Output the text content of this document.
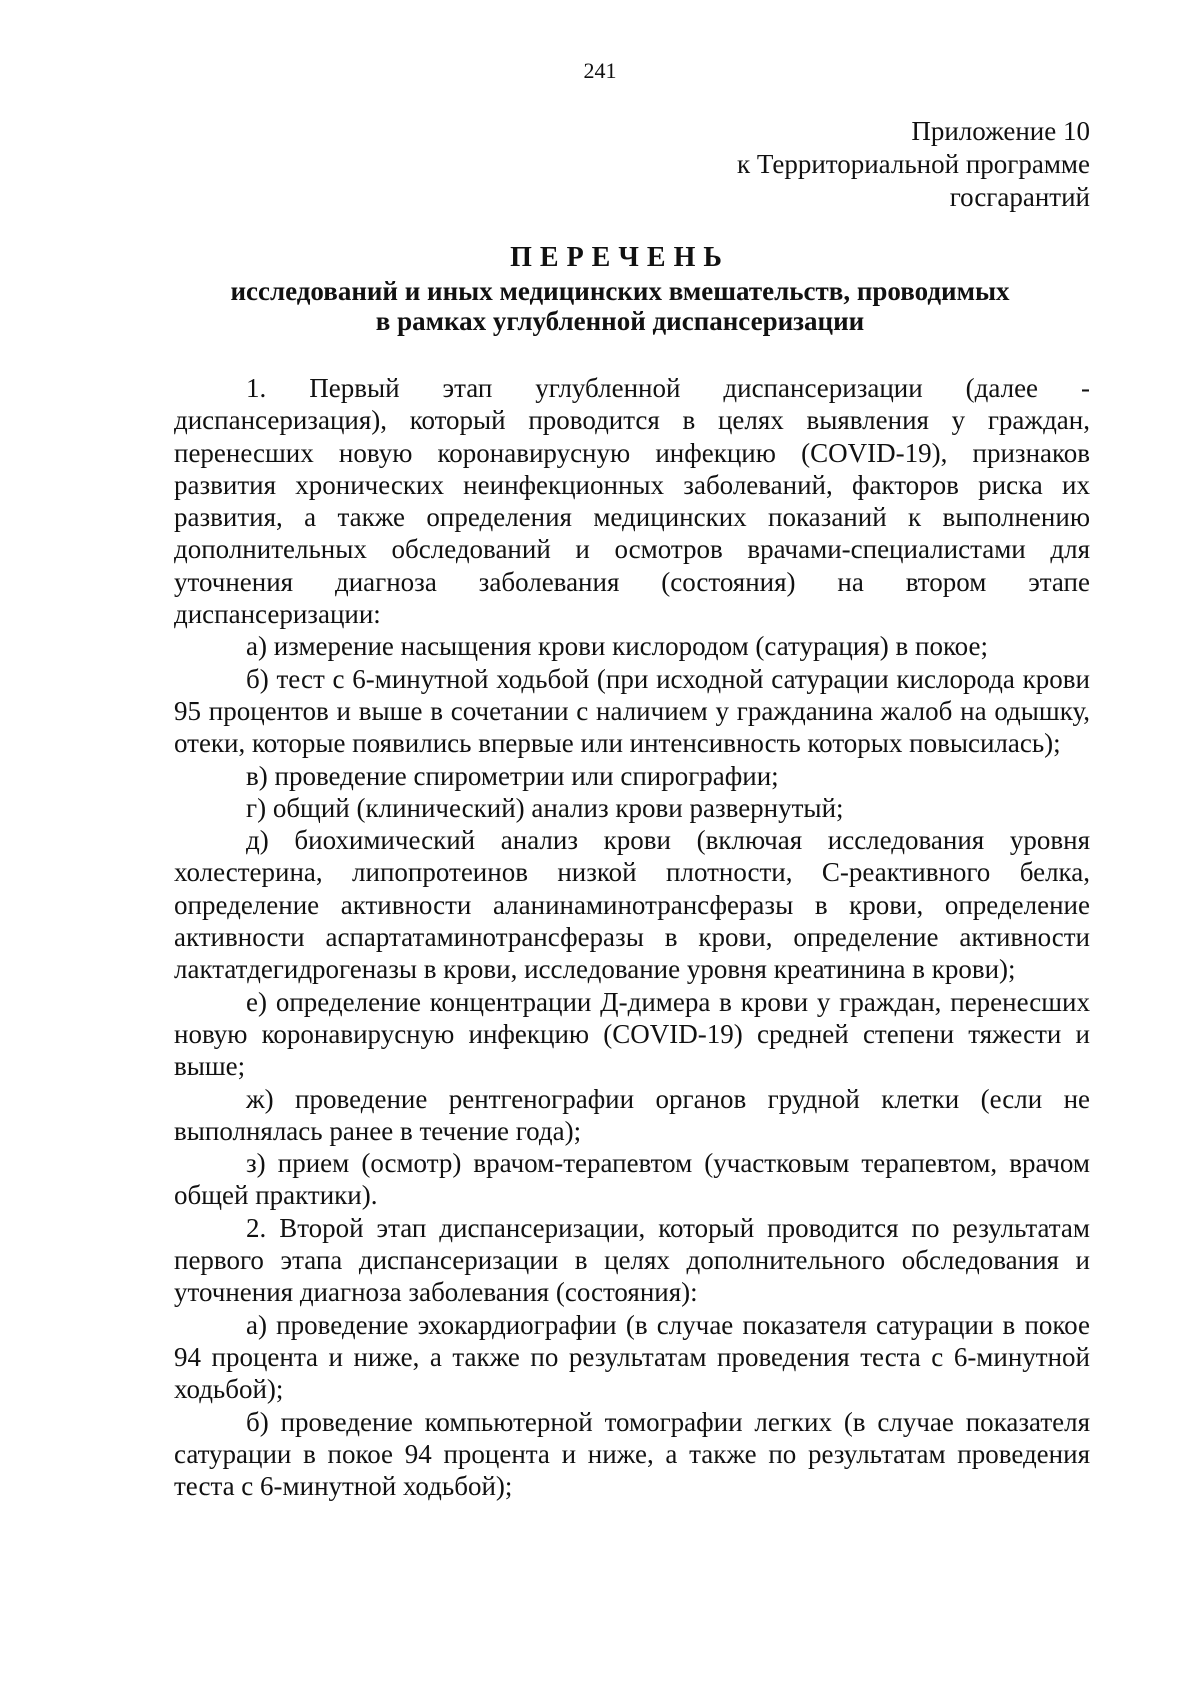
241
Приложение 10
к Территориальной программе
госгарантий
ПЕРЕЧЕНЬ
исследований и иных медицинских вмешательств, проводимых
в рамках углубленной диспансеризации

1. Первый этап углубленной диспансеризации (далее - диспансеризация), который проводится в целях выявления у граждан, перенесших новую коронавирусную инфекцию (COVID-19), признаков развития хронических неинфекционных заболеваний, факторов риска их развития, а также определения медицинских показаний к выполнению дополнительных обследований и осмотров врачами-специалистами для уточнения диагноза заболевания (состояния) на втором этапе диспансеризации:

а) измерение насыщения крови кислородом (сатурация) в покое;

б) тест с 6-минутной ходьбой (при исходной сатурации кислорода крови 95 процентов и выше в сочетании с наличием у гражданина жалоб на одышку, отеки, которые появились впервые или интенсивность которых повысилась);

в) проведение спирометрии или спирографии;

г) общий (клинический) анализ крови развернутый;

д) биохимический анализ крови (включая исследования уровня холестерина, липопротеинов низкой плотности, С-реактивного белка, определение активности аланинаминотрансферазы в крови, определение активности аспартатаминотрансферазы в крови, определение активности лактатдегидрогеназы в крови, исследование уровня креатинина в крови);

е) определение концентрации Д-димера в крови у граждан, перенесших новую коронавирусную инфекцию (COVID-19) средней степени тяжести и выше;

ж) проведение рентгенографии органов грудной клетки (если не выполнялась ранее в течение года);

з) прием (осмотр) врачом-терапевтом (участковым терапевтом, врачом общей практики).

2. Второй этап диспансеризации, который проводится по результатам первого этапа диспансеризации в целях дополнительного обследования и уточнения диагноза заболевания (состояния):

а) проведение эхокардиографии (в случае показателя сатурации в покое 94 процента и ниже, а также по результатам проведения теста с 6-минутной ходьбой);

б) проведение компьютерной томографии легких (в случае показателя сатурации в покое 94 процента и ниже, а также по результатам проведения теста с 6-минутной ходьбой);
